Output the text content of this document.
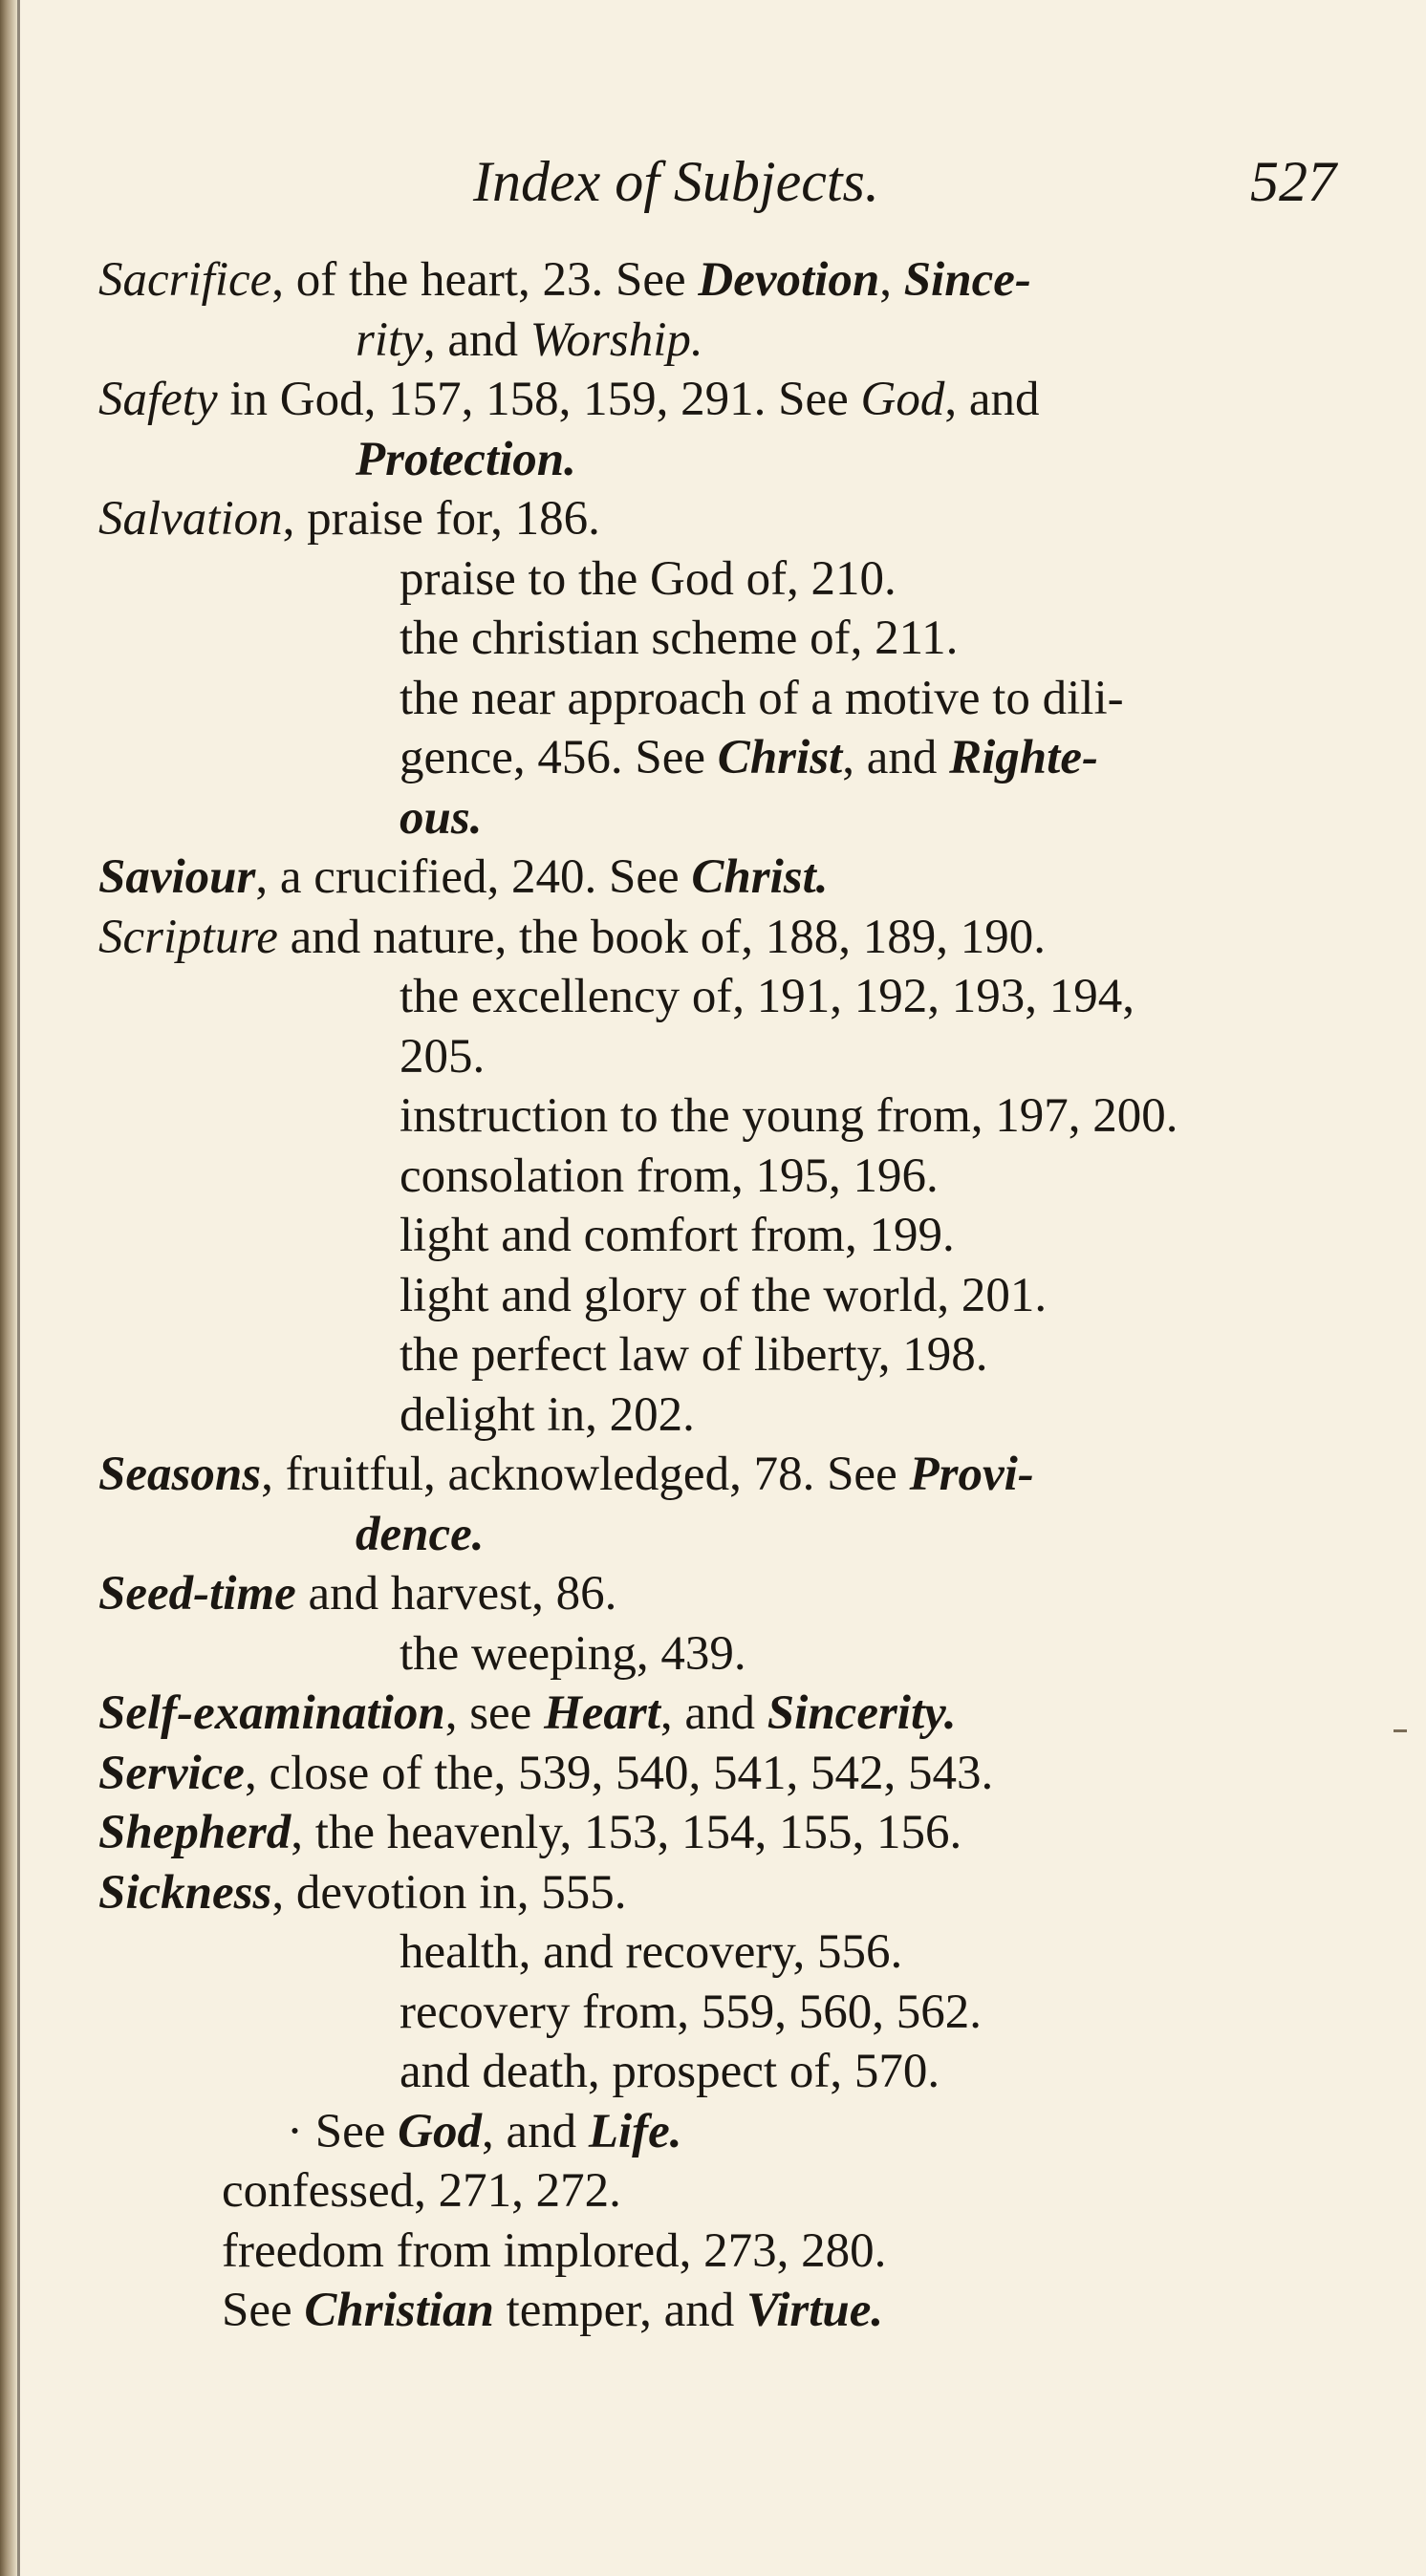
Index of Subjects.	527
Sacrifice, of the heart, 23. See Devotion, Since-
rity, and Worship.
Safety in God, 157, 158, 159, 291. See God, and
Protection.
Salvation, praise for, 186.
praise to the God of, 210.
the christian scheme of, 211.
the near approach of a motive to dili-
gence, 456. See Christ, and Righte-
ous.
Saviour, a crucified, 240. See Christ.
Scripture and nature, the book of, 188, 189, 190.
the excellency of, 191, 192, 193, 194,
205.
instruction to the young from, 197, 200.
consolation from, 195, 196.
light and comfort from, 199.
light and glory of the world, 201.
the perfect law of liberty, 198.
delight in, 202.
Seasons, fruitful, acknowledged, 78. See Provi-
dence.
Seed-time and harvest, 86.
the weeping, 439.
Self-examination, see Heart, and Sincerity.
Service, close of the, 539, 540, 541, 542, 543.
Shepherd, the heavenly, 153, 154, 155, 156.
Sickness, devotion in, 555.
health, and recovery, 556.
recovery from, 559, 560, 562.
and death, prospect of, 570.
· See God, and Life.
confessed, 271, 272.
freedom from implored, 273, 280.
See Christian temper, and Virtue.
